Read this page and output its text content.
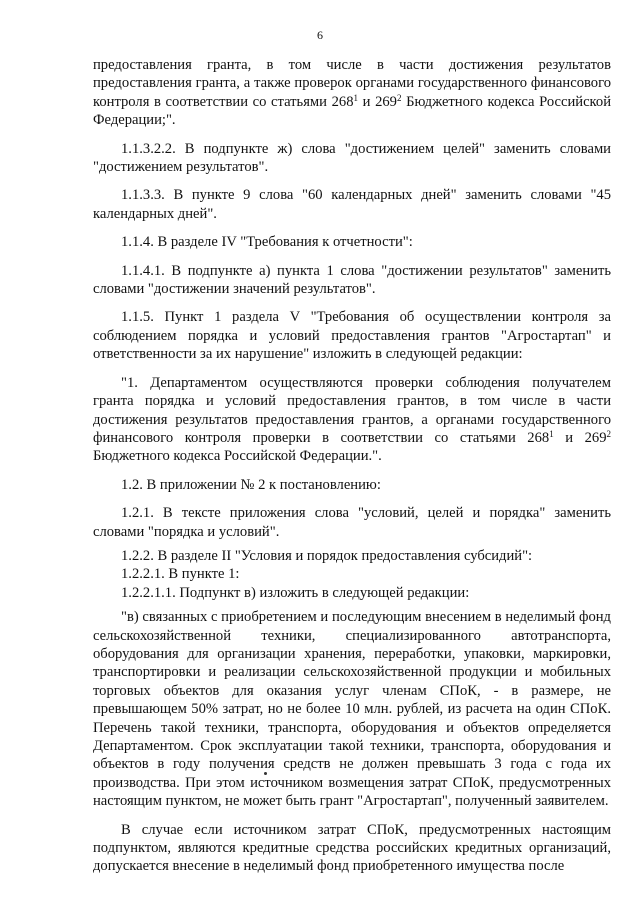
6

предоставления гранта, в том числе в части достижения результатов предоставления гранта, а также проверок органами государственного финансового контроля в соответствии со статьями $268^1$ и $269^2$ Бюджетного кодекса Российской Федерации;".

1.1.3.2.2. В подпункте ж) слова "достижением целей" заменить словами "достижением результатов".

1.1.3.3. В пункте 9 слова "60 календарных дней" заменить словами "45 календарных дней".

1.1.4. В разделе IV "Требования к отчетности":

1.1.4.1. В подпункте а) пункта 1 слова "достижении результатов" заменить словами "достижении значений результатов".

1.1.5. Пункт 1 раздела V "Требования об осуществлении контроля за соблюдением порядка и условий предоставления грантов "Агростартап" и ответственности за их нарушение" изложить в следующей редакции:

"1. Департаментом осуществляются проверки соблюдения получателем гранта порядка и условий предоставления грантов, в том числе в части достижения результатов предоставления грантов, а органами государственного финансового контроля проверки в соответствии со статьями $268^1$ и $269^2$ Бюджетного кодекса Российской Федерации.".

1.2. В приложении № 2 к постановлению:

1.2.1. В тексте приложения слова "условий, целей и порядка" заменить словами "порядка и условий".

1.2.2. В разделе II "Условия и порядок предоставления субсидий":

1.2.2.1. В пункте 1:

1.2.2.1.1. Подпункт в) изложить в следующей редакции:

"в) связанных с приобретением и последующим внесением в неделимый фонд сельскохозяйственной техники, специализированного автотранспорта, оборудования для организации хранения, переработки, упаковки, маркировки, транспортировки и реализации сельскохозяйственной продукции и мобильных торговых объектов для оказания услуг членам СПоК, - в размере, не превышающем 50% затрат, но не более 10 млн. рублей, из расчета на один СПоК. Перечень такой техники, транспорта, оборудования и объектов определяется Департаментом. Срок эксплуатации такой техники, транспорта, оборудования и объектов в году получения средств не должен превышать 3 года с года их производства. При этом источником возмещения затрат СПоК, предусмотренных настоящим пунктом, не может быть грант "Агростартап", полученный заявителем.

В случае если источником затрат СПоК, предусмотренных настоящим подпунктом, являются кредитные средства российских кредитных организаций, допускается внесение в неделимый фонд приобретенного имущества после
